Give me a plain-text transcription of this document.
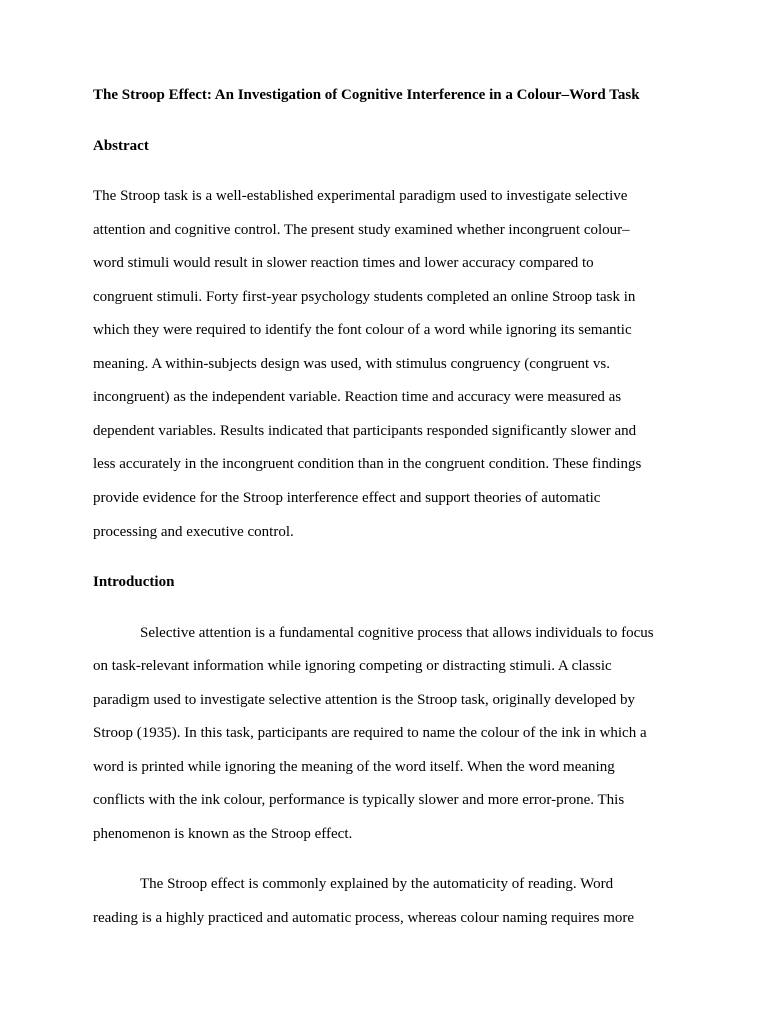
The Stroop Effect: An Investigation of Cognitive Interference in a Colour–Word Task
Abstract
The Stroop task is a well-established experimental paradigm used to investigate selective
attention and cognitive control. The present study examined whether incongruent colour–
word stimuli would result in slower reaction times and lower accuracy compared to
congruent stimuli. Forty first-year psychology students completed an online Stroop task in
which they were required to identify the font colour of a word while ignoring its semantic
meaning. A within-subjects design was used, with stimulus congruency (congruent vs.
incongruent) as the independent variable. Reaction time and accuracy were measured as
dependent variables. Results indicated that participants responded significantly slower and
less accurately in the incongruent condition than in the congruent condition. These findings
provide evidence for the Stroop interference effect and support theories of automatic
processing and executive control.
Introduction
Selective attention is a fundamental cognitive process that allows individuals to focus
on task-relevant information while ignoring competing or distracting stimuli. A classic
paradigm used to investigate selective attention is the Stroop task, originally developed by
Stroop (1935). In this task, participants are required to name the colour of the ink in which a
word is printed while ignoring the meaning of the word itself. When the word meaning
conflicts with the ink colour, performance is typically slower and more error-prone. This
phenomenon is known as the Stroop effect.
The Stroop effect is commonly explained by the automaticity of reading. Word
reading is a highly practiced and automatic process, whereas colour naming requires more
